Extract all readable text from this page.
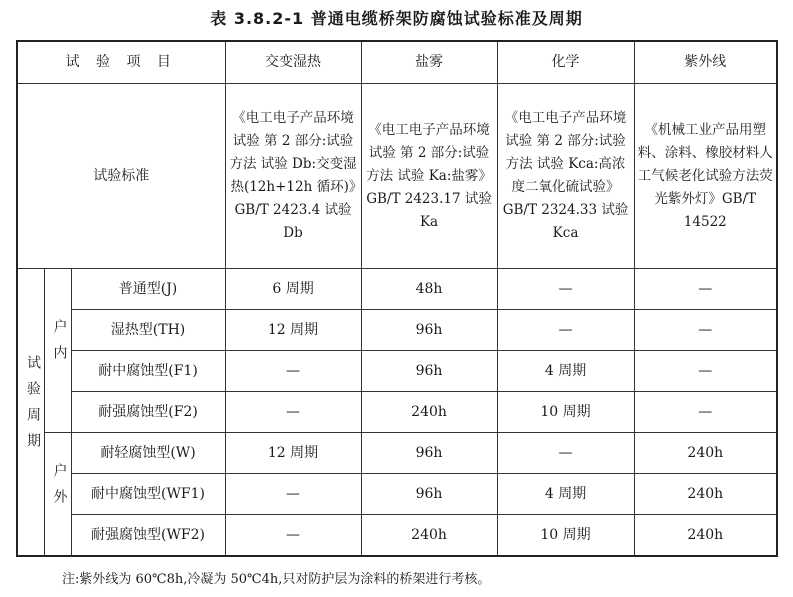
表 3.8.2-1 普通电缆桥架防腐蚀试验标准及周期
试 验 项 目			交变湿热	盐雾	化学	紫外线
试验标准			《电工电子产品环境试验 第 2 部分:试验方法 试验 Db:交变湿热(12h+12h 循环)》GB/T 2423.4 试验 Db	《电工电子产品环境试验 第 2 部分:试验方法 试验 Ka:盐雾》GB/T 2423.17 试验 Ka	《电工电子产品环境试验 第 2 部分:试验方法 试验 Kca:高浓度二氧化硫试验》GB/T 2324.33 试验 Kca	《机械工业产品用塑料、涂料、橡胶材料人工气候老化试验方法荧光紫外灯》GB/T 14522

试验周期	户内	普通型(J)	6 周期	48h	—	—
		湿热型(TH)	12 周期	96h	—	—
		耐中腐蚀型(F1)	—	96h	4 周期	—
		耐强腐蚀型(F2)	—	240h	10 周期	—
	户外	耐轻腐蚀型(W)	12 周期	96h	—	240h
		耐中腐蚀型(WF1)	—	96h	4 周期	240h
		耐强腐蚀型(WF2)	—	240h	10 周期	240h
注:紫外线为 60℃8h,冷凝为 50℃4h,只对防护层为涂料的桥架进行考核。
